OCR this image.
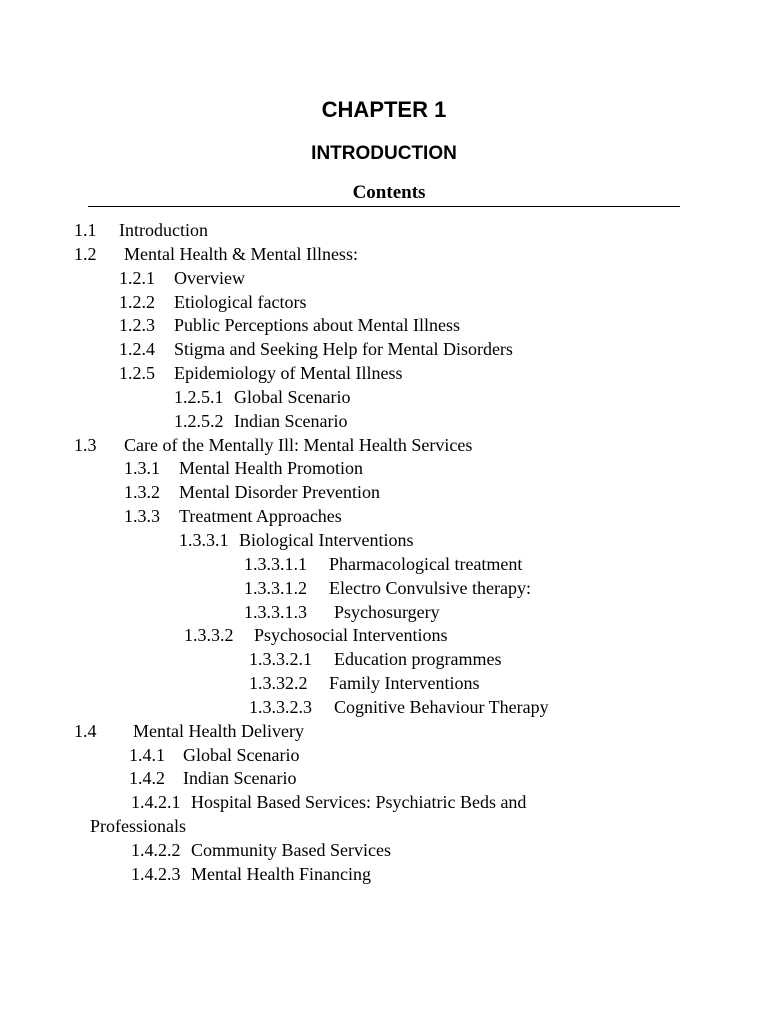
CHAPTER 1
INTRODUCTION
Contents
1.1 Introduction
1.2 Mental Health & Mental Illness:
1.2.1 Overview
1.2.2 Etiological factors
1.2.3 Public Perceptions about Mental Illness
1.2.4 Stigma and Seeking Help for Mental Disorders
1.2.5 Epidemiology of Mental Illness
1.2.5.1 Global Scenario
1.2.5.2 Indian Scenario
1.3 Care of the Mentally Ill: Mental Health Services
1.3.1 Mental Health Promotion
1.3.2 Mental Disorder Prevention
1.3.3 Treatment Approaches
1.3.3.1 Biological Interventions
1.3.3.1.1 Pharmacological treatment
1.3.3.1.2 Electro Convulsive therapy:
1.3.3.1.3 Psychosurgery
1.3.3.2 Psychosocial Interventions
1.3.3.2.1 Education programmes
1.3.32.2 Family Interventions
1.3.3.2.3 Cognitive Behaviour Therapy
1.4 Mental Health Delivery
1.4.1 Global Scenario
1.4.2 Indian Scenario
1.4.2.1 Hospital Based Services: Psychiatric Beds and
Professionals
1.4.2.2 Community Based Services
1.4.2.3 Mental Health Financing
